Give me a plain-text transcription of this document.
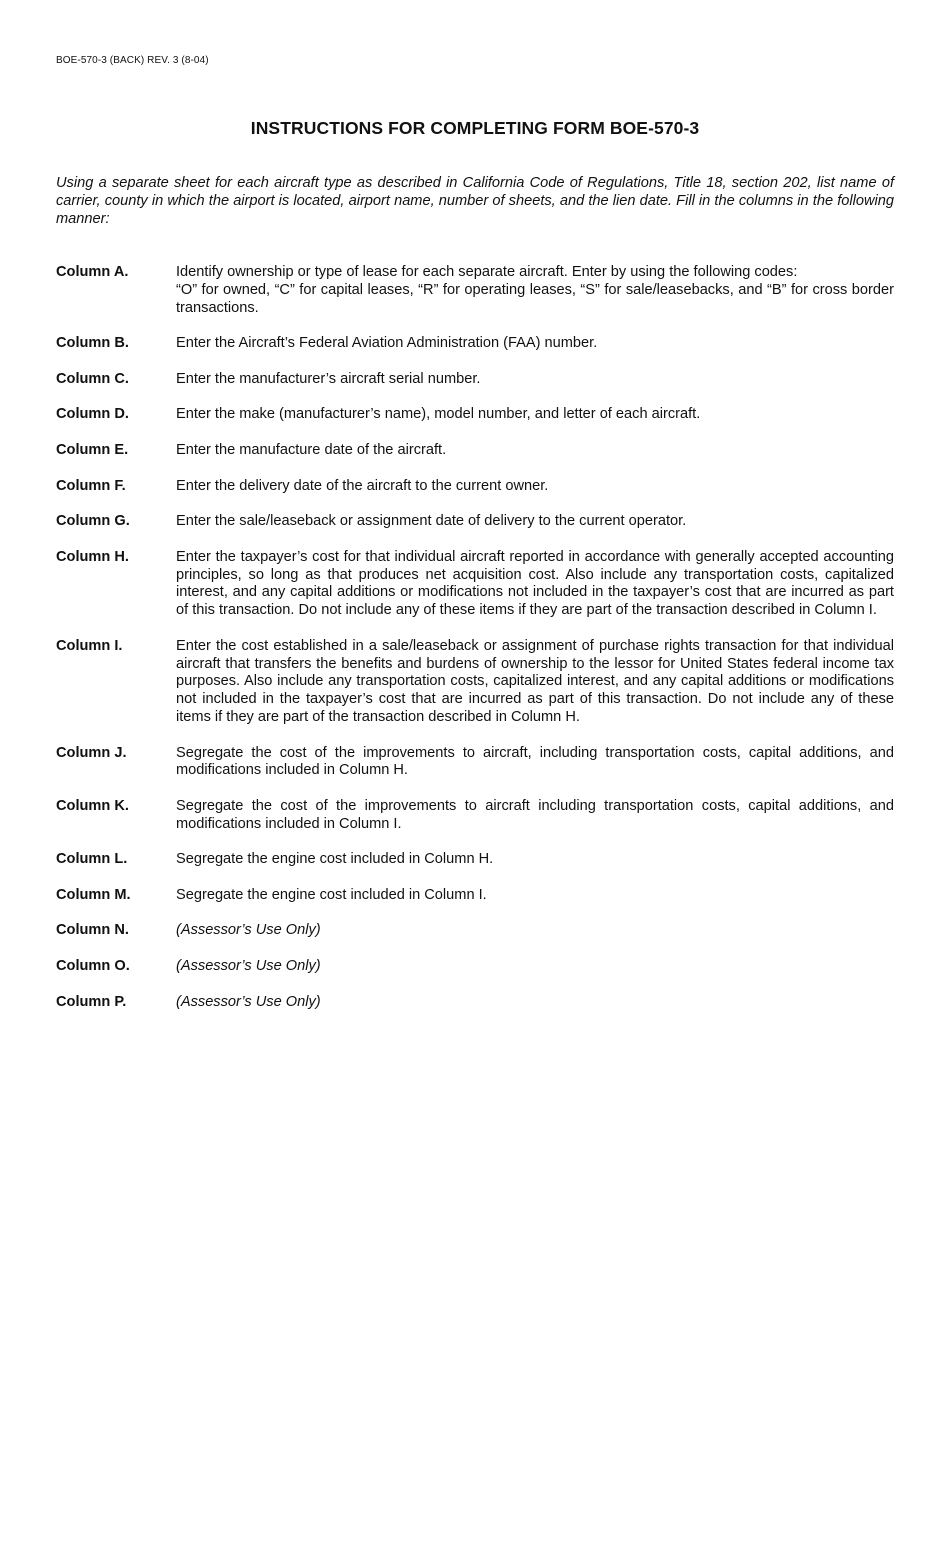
BOE-570-3 (BACK) REV. 3 (8-04)
INSTRUCTIONS FOR COMPLETING FORM BOE-570-3

Using a separate sheet for each aircraft type as described in California Code of Regulations, Title 18, section 202, list name of carrier, county in which the airport is located, airport name, number of sheets, and the lien date. Fill in the columns in the following manner:

Column A.	Identify ownership or type of lease for each separate aircraft. Enter by using the following codes:
“O” for owned, “C” for capital leases, “R” for operating leases, “S” for sale/leasebacks, and “B” for cross border transactions.
Column B.	Enter the Aircraft’s Federal Aviation Administration (FAA) number.
Column C.	Enter the manufacturer’s aircraft serial number.
Column D.	Enter the make (manufacturer’s name), model number, and letter of each aircraft.
Column E.	Enter the manufacture date of the aircraft.
Column F.	Enter the delivery date of the aircraft to the current owner.
Column G.	Enter the sale/leaseback or assignment date of delivery to the current operator.
Column H.	Enter the taxpayer’s cost for that individual aircraft reported in accordance with generally accepted accounting principles, so long as that produces net acquisition cost. Also include any transportation costs, capitalized interest, and any capital additions or modifications not included in the taxpayer’s cost that are incurred as part of this transaction. Do not include any of these items if they are part of the transaction described in Column I.
Column I.	Enter the cost established in a sale/leaseback or assignment of purchase rights transaction for that individual aircraft that transfers the benefits and burdens of ownership to the lessor for United States federal income tax purposes. Also include any transportation costs, capitalized interest, and any capital additions or modifications not included in the taxpayer’s cost that are incurred as part of this transaction. Do not include any of these items if they are part of the transaction described in Column H.
Column J.	Segregate the cost of the improvements to aircraft, including transportation costs, capital additions, and modifications included in Column H.
Column K.	Segregate the cost of the improvements to aircraft including transportation costs, capital additions, and modifications included in Column I.
Column L.	Segregate the engine cost included in Column H.
Column M.	Segregate the engine cost included in Column I.
Column N.	(Assessor’s Use Only)
Column O.	(Assessor’s Use Only)
Column P.	(Assessor’s Use Only)
